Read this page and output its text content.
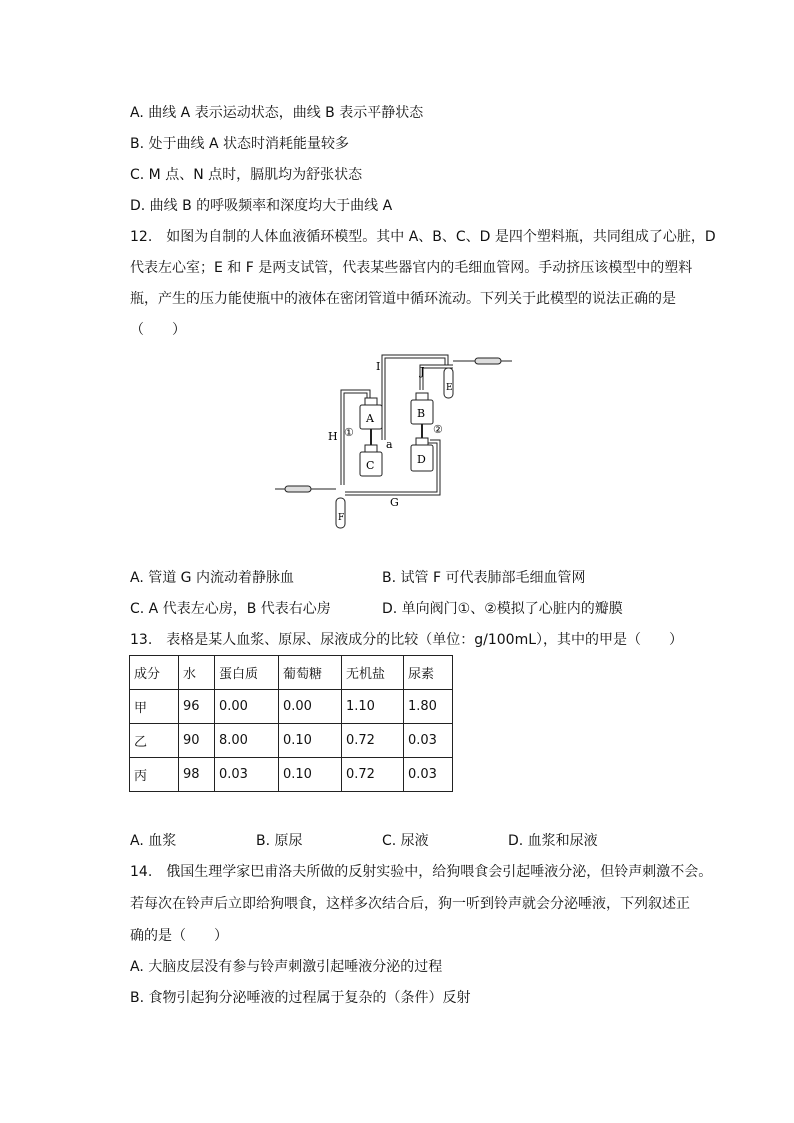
A. 曲线 A 表示运动状态，曲线 B 表示平静状态
B. 处于曲线 A 状态时消耗能量较多
C. M 点、N 点时，膈肌均为舒张状态
D. 曲线 B 的呼吸频率和深度均大于曲线 A
12.　如图为自制的人体血液循环模型。其中 A、B、C、D 是四个塑料瓶，共同组成了心脏，D
代表左心室；E 和 F 是两支试管，代表某些器官内的毛细血管网。手动挤压该模型中的塑料
瓶，产生的压力能使瓶中的液体在密闭管道中循环流动。下列关于此模型的说法正确的是
（　　）
A
C
B
D
E
F
I	J
H
G
a
①	②
A. 管道 G 内流动着静脉血	B. 试管 F 可代表肺部毛细血管网
C. A 代表左心房，B 代表右心房	D. 单向阀门①、②模拟了心脏内的瓣膜
13.　表格是某人血浆、原尿、尿液成分的比较（单位：g/100mL），其中的甲是（　　）
成分	水	蛋白质	葡萄糖	无机盐	尿素
甲	96	0.00	0.00	1.10	1.80
乙	90	8.00	0.10	0.72	0.03
丙	98	0.03	0.10	0.72	0.03
A. 血浆	B. 原尿	C. 尿液	D. 血浆和尿液
14.　俄国生理学家巴甫洛夫所做的反射实验中，给狗喂食会引起唾液分泌，但铃声刺激不会。
若每次在铃声后立即给狗喂食，这样多次结合后，狗一听到铃声就会分泌唾液，下列叙述正
确的是（　　）
A. 大脑皮层没有参与铃声刺激引起唾液分泌的过程
B. 食物引起狗分泌唾液的过程属于复杂的（条件）反射
